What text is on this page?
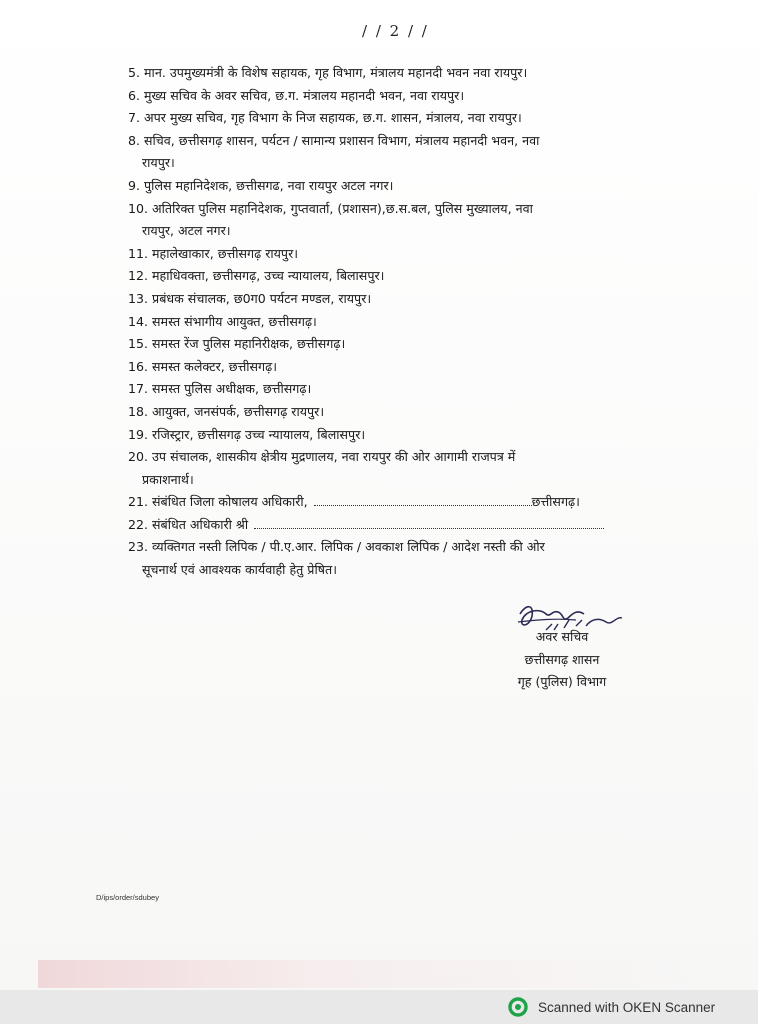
/ / 2 / /
5. मान. उपमुख्यमंत्री के विशेष सहायक, गृह विभाग, मंत्रालय महानदी भवन नवा रायपुर।
6. मुख्य सचिव के अवर सचिव, छ.ग. मंत्रालय महानदी भवन, नवा रायपुर।
7. अपर मुख्य सचिव, गृह विभाग के निज सहायक, छ.ग. शासन, मंत्रालय, नवा रायपुर।
8. सचिव, छत्तीसगढ़ शासन, पर्यटन / सामान्य प्रशासन विभाग, मंत्रालय महानदी भवन, नवा
रायपुर।
9. पुलिस महानिदेशक, छत्तीसगढ, नवा रायपुर अटल नगर।
10. अतिरिक्त पुलिस महानिदेशक, गुप्तवार्ता, (प्रशासन),छ.स.बल, पुलिस मुख्यालय, नवा
रायपुर, अटल नगर।
11. महालेखाकार, छत्तीसगढ़ रायपुर।
12. महाधिवक्ता, छत्तीसगढ़, उच्च न्यायालय, बिलासपुर।
13. प्रबंधक संचालक, छ0ग0 पर्यटन मण्डल, रायपुर।
14. समस्त संभागीय आयुक्त, छत्तीसगढ़।
15. समस्त रेंज पुलिस महानिरीक्षक, छत्तीसगढ़।
16. समस्त कलेक्टर, छत्तीसगढ़।
17. समस्त पुलिस अधीक्षक, छत्तीसगढ़।
18. आयुक्त, जनसंपर्क, छत्तीसगढ़ रायपुर।
19. रजिस्ट्रार, छत्तीसगढ़ उच्च न्यायालय, बिलासपुर।
20. उप संचालक, शासकीय क्षेत्रीय मुद्रणालय, नवा रायपुर की ओर आगामी राजपत्र में
प्रकाशनार्थ।
21. संबंधित जिला कोषालय अधिकारी,	छत्तीसगढ़।
22. संबंधित अधिकारी श्री
23. व्यक्तिगत नस्ती लिपिक / पी.ए.आर. लिपिक / अवकाश लिपिक / आदेश नस्ती की ओर
सूचनार्थ एवं आवश्यक कार्यवाही हेतु प्रेषित।
अवर सचिव
छत्तीसगढ़ शासन
गृह (पुलिस) विभाग
D/ips/order/sdubey
Scanned with OKEN Scanner
